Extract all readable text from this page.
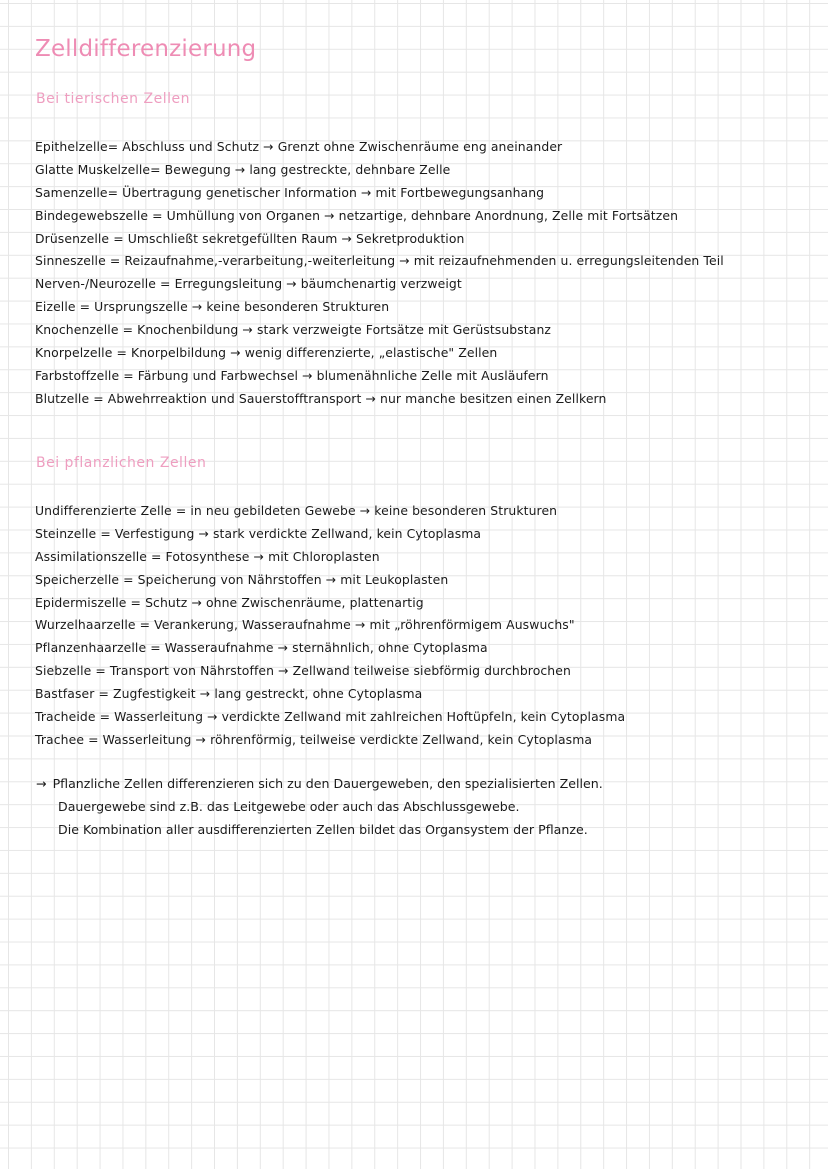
Zelldifferenzierung
Bei tierischen Zellen
Epithelzelle= Abschluss und Schutz → Grenzt ohne Zwischenräume eng aneinander
Glatte Muskelzelle= Bewegung → lang gestreckte, dehnbare Zelle
Samenzelle= Übertragung genetischer Information → mit Fortbewegungsanhang
Bindegewebszelle = Umhüllung von Organen → netzartige, dehnbare Anordnung, Zelle mit Fortsätzen
Drüsenzelle = Umschließt sekretgefüllten Raum → Sekretproduktion
Sinneszelle = Reizaufnahme,-verarbeitung,-weiterleitung → mit reizaufnehmenden u. erregungsleitenden Teil
Nerven-/Neurozelle = Erregungsleitung → bäumchenartig verzweigt
Eizelle = Ursprungszelle → keine besonderen Strukturen
Knochenzelle = Knochenbildung → stark verzweigte Fortsätze mit Gerüstsubstanz
Knorpelzelle = Knorpelbildung → wenig differenzierte, „elastische" Zellen
Farbstoffzelle = Färbung und Farbwechsel → blumenähnliche Zelle mit Ausläufern
Blutzelle = Abwehrreaktion und Sauerstofftransport → nur manche besitzen einen Zellkern
Bei pflanzlichen Zellen
Undifferenzierte Zelle = in neu gebildeten Gewebe → keine besonderen Strukturen
Steinzelle = Verfestigung → stark verdickte Zellwand, kein Cytoplasma
Assimilationszelle = Fotosynthese → mit Chloroplasten
Speicherzelle = Speicherung von Nährstoffen → mit Leukoplasten
Epidermiszelle = Schutz → ohne Zwischenräume, plattenartig
Wurzelhaarzelle = Verankerung, Wasseraufnahme → mit „röhrenförmigem Auswuchs"
Pflanzenhaarzelle = Wasseraufnahme → sternähnlich, ohne Cytoplasma
Siebzelle = Transport von Nährstoffen → Zellwand teilweise siebförmig durchbrochen
Bastfaser = Zugfestigkeit → lang gestreckt, ohne Cytoplasma
Tracheide = Wasserleitung → verdickte Zellwand mit zahlreichen Hoftüpfeln, kein Cytoplasma
Trachee = Wasserleitung → röhrenförmig, teilweise verdickte Zellwand, kein Cytoplasma
→ Pflanzliche Zellen differenzieren sich zu den Dauergeweben, den spezialisierten Zellen.
Dauergewebe sind z.B. das Leitgewebe oder auch das Abschlussgewebe.
Die Kombination aller ausdifferenzierten Zellen bildet das Organsystem der Pflanze.
